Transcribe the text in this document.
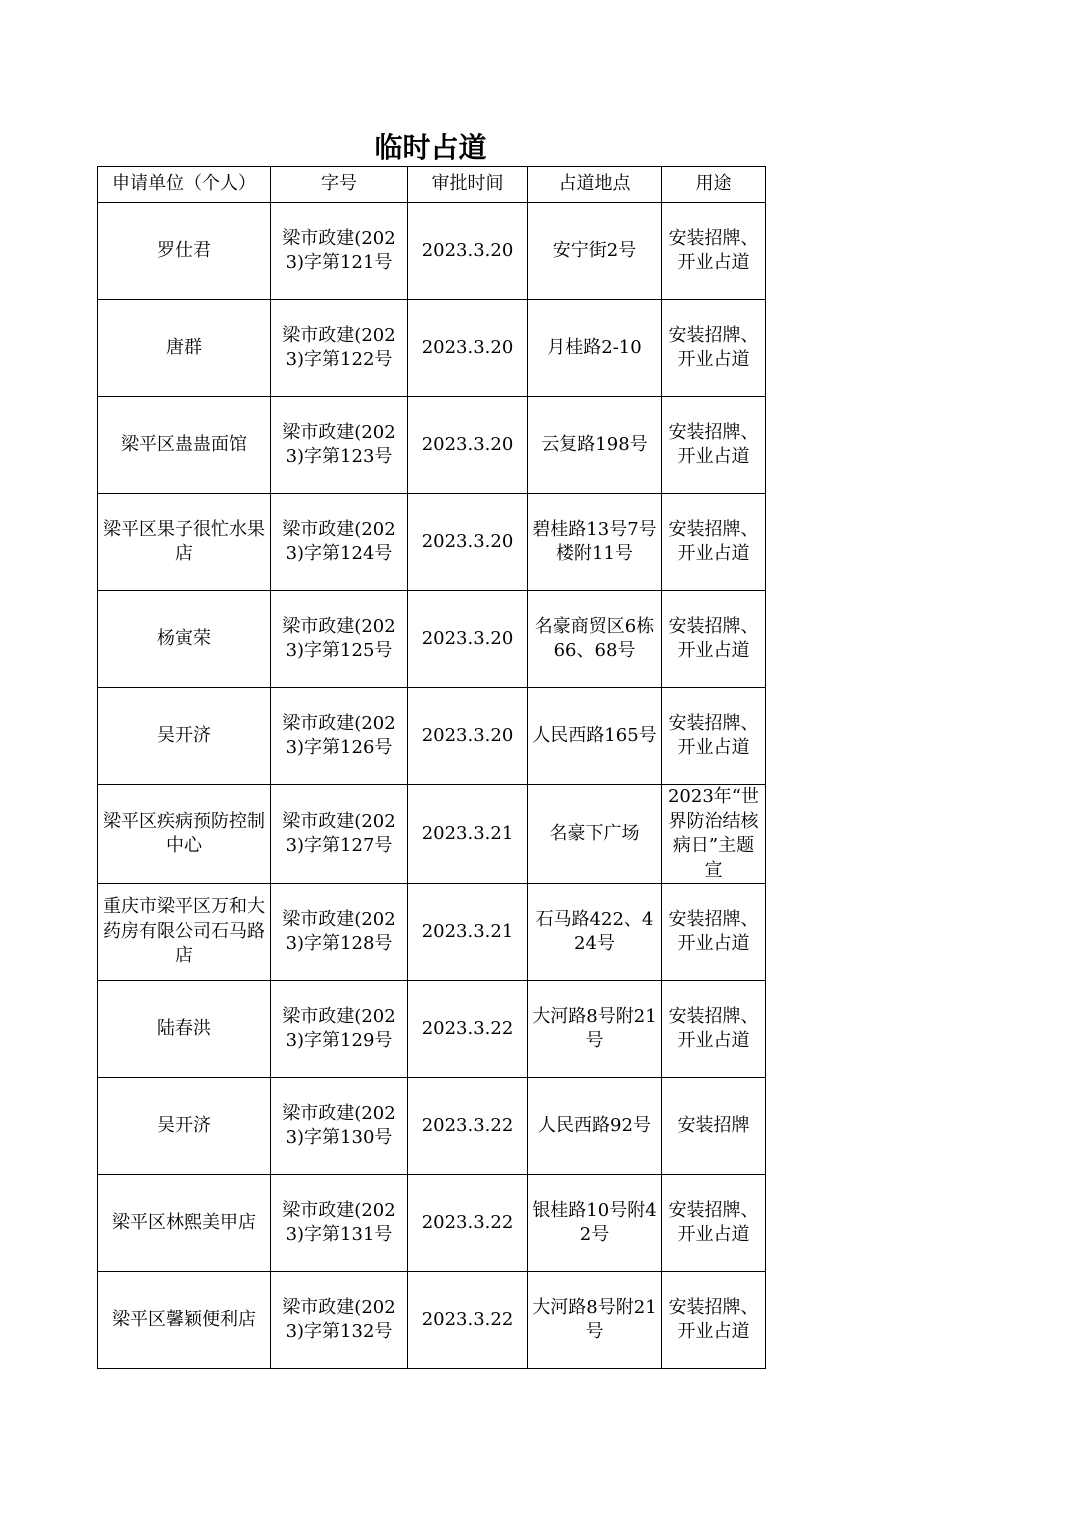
临时占道
申请单位（个人）	字号	审批时间	占道地点	用途

罗仕君	梁市政建(2023)字第121号	2023.3.20	安宁街2号	安装招牌、开业占道

唐群	梁市政建(2023)字第122号	2023.3.20	月桂路2-10	安装招牌、开业占道

梁平区蛊蛊面馆	梁市政建(2023)字第123号	2023.3.20	云复路198号	安装招牌、开业占道

梁平区果子很忙水果店	梁市政建(2023)字第124号	2023.3.20	碧桂路13号7号楼附11号	安装招牌、开业占道

杨寅荣	梁市政建(2023)字第125号	2023.3.20	名豪商贸区6栋66、68号	安装招牌、开业占道

吴开济	梁市政建(2023)字第126号	2023.3.20	人民西路165号	安装招牌、开业占道

梁平区疾病预防控制中心	梁市政建(2023)字第127号	2023.3.21	名豪下广场	2023年“世界防治结核病日”主题宣

重庆市梁平区万和大药房有限公司石马路店	梁市政建(2023)字第128号	2023.3.21	石马路422、424号	安装招牌、开业占道

陆春洪	梁市政建(2023)字第129号	2023.3.22	大河路8号附21号	安装招牌、开业占道

吴开济	梁市政建(2023)字第130号	2023.3.22	人民西路92号	安装招牌

梁平区林熙美甲店	梁市政建(2023)字第131号	2023.3.22	银桂路10号附42号	安装招牌、开业占道

梁平区馨颖便利店	梁市政建(2023)字第132号	2023.3.22	大河路8号附21号	安装招牌、开业占道
